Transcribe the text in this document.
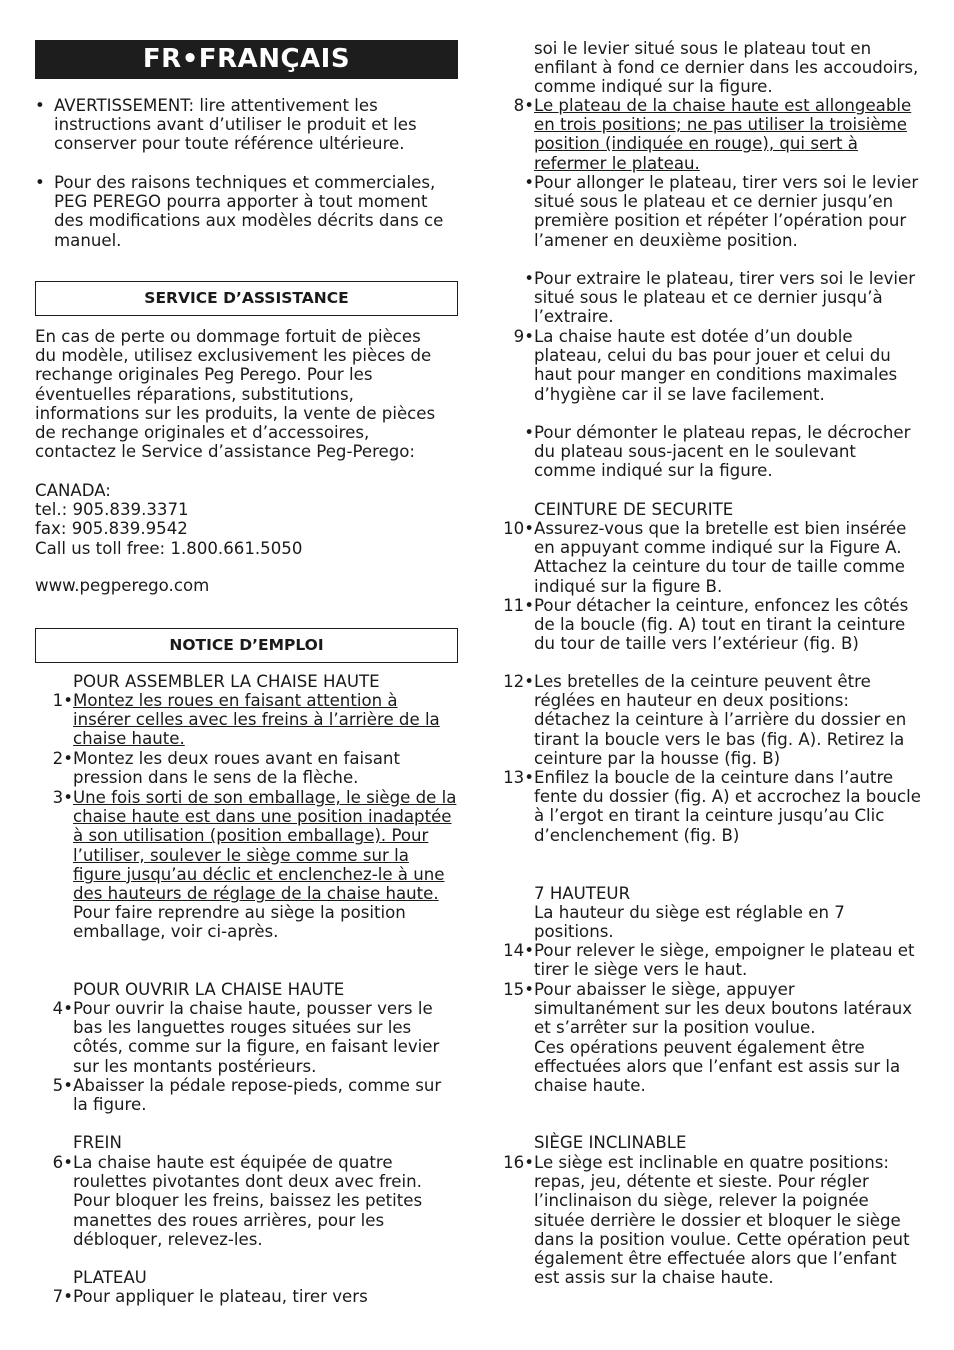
FR•FRANÇAIS
• AVERTISSEMENT: lire attentivement les instructions avant d’utiliser le produit et les conserver pour toute référence ultérieure.
• Pour des raisons techniques et commerciales, PEG PEREGO pourra apporter à tout moment des modifications aux modèles décrits dans ce manuel.
SERVICE D’ASSISTANCE

En cas de perte ou dommage fortuit de pièces du modèle, utilisez exclusivement les pièces de rechange originales Peg Perego. Pour les éventuelles réparations, substitutions, informations sur les produits, la vente de pièces de rechange originales et d’accessoires, contactez le Service d’assistance Peg-Perego:

CANADA:

tel.: 905.839.3371

fax: 905.839.9542

Call us toll free: 1.800.661.5050

www.pegperego.com

NOTICE D’EMPLOI

POUR ASSEMBLER LA CHAISE HAUTE

1• Montez les roues en faisant attention à insérer celles avec les freins à l’arrière de la chaise haute.
2• Montez les deux roues avant en faisant pression dans le sens de la flèche.
3• Une fois sorti de son emballage, le siège de la chaise haute est dans une position inadaptée à son utilisation (position emballage). Pour l’utiliser, soulever le siège comme sur la figure jusqu’au déclic et enclenchez-le à une des hauteurs de réglage de la chaise haute. Pour faire reprendre au siège la position emballage, voir ci-après.

POUR OUVRIR LA CHAISE HAUTE

4• Pour ouvrir la chaise haute, pousser vers le bas les languettes rouges situées sur les côtés, comme sur la figure, en faisant levier sur les montants postérieurs.
5• Abaisser la pédale repose-pieds, comme sur la figure.

FREIN

6• La chaise haute est équipée de quatre roulettes pivotantes dont deux avec frein. Pour bloquer les freins, baissez les petites manettes des roues arrières, pour les débloquer, relevez-les.

PLATEAU

7• Pour appliquer le plateau, tirer vers

soi le levier situé sous le plateau tout en enfilant à fond ce dernier dans les accoudoirs, comme indiqué sur la figure.

8• Le plateau de la chaise haute est allongeable en trois positions; ne pas utiliser la troisième position (indiquée en rouge), qui sert à refermer le plateau.
• Pour allonger le plateau, tirer vers soi le levier situé sous le plateau et ce dernier jusqu’en première position et répéter l’opération pour l’amener en deuxième position.
• Pour extraire le plateau, tirer vers soi le levier situé sous le plateau et ce dernier jusqu’à l’extraire.
9• La chaise haute est dotée d’un double plateau, celui du bas pour jouer et celui du haut pour manger en conditions maximales d’hygiène car il se lave facilement.
• Pour démonter le plateau repas, le décrocher du plateau sous-jacent en le soulevant comme indiqué sur la figure.

CEINTURE DE SECURITE

10• Assurez-vous que la bretelle est bien insérée en appuyant comme indiqué sur la Figure A. Attachez la ceinture du tour de taille comme indiqué sur la figure B.
11• Pour détacher la ceinture, enfoncez les côtés de la boucle (fig. A) tout en tirant la ceinture du tour de taille vers l’extérieur (fig. B)
12• Les bretelles de la ceinture peuvent être réglées en hauteur en deux positions: détachez la ceinture à l’arrière du dossier en tirant la boucle vers le bas (fig. A). Retirez la ceinture par la housse (fig. B)
13• Enfilez la boucle de la ceinture dans l’autre fente du dossier (fig. A) et accrochez la boucle à l’ergot en tirant la ceinture jusqu’au Clic d’enclenchement (fig. B)

7 HAUTEUR

La hauteur du siège est réglable en 7 positions.

14• Pour relever le siège, empoigner le plateau et tirer le siège vers le haut.
15• Pour abaisser le siège, appuyer simultanément sur les deux boutons latéraux et s’arrêter sur la position voulue.
Ces opérations peuvent également être effectuées alors que l’enfant est assis sur la chaise haute.

SIÈGE INCLINABLE

16• Le siège est inclinable en quatre positions: repas, jeu, détente et sieste. Pour régler l’inclinaison du siège, relever la poignée située derrière le dossier et bloquer le siège dans la position voulue. Cette opération peut également être effectuée alors que l’enfant est assis sur la chaise haute.
